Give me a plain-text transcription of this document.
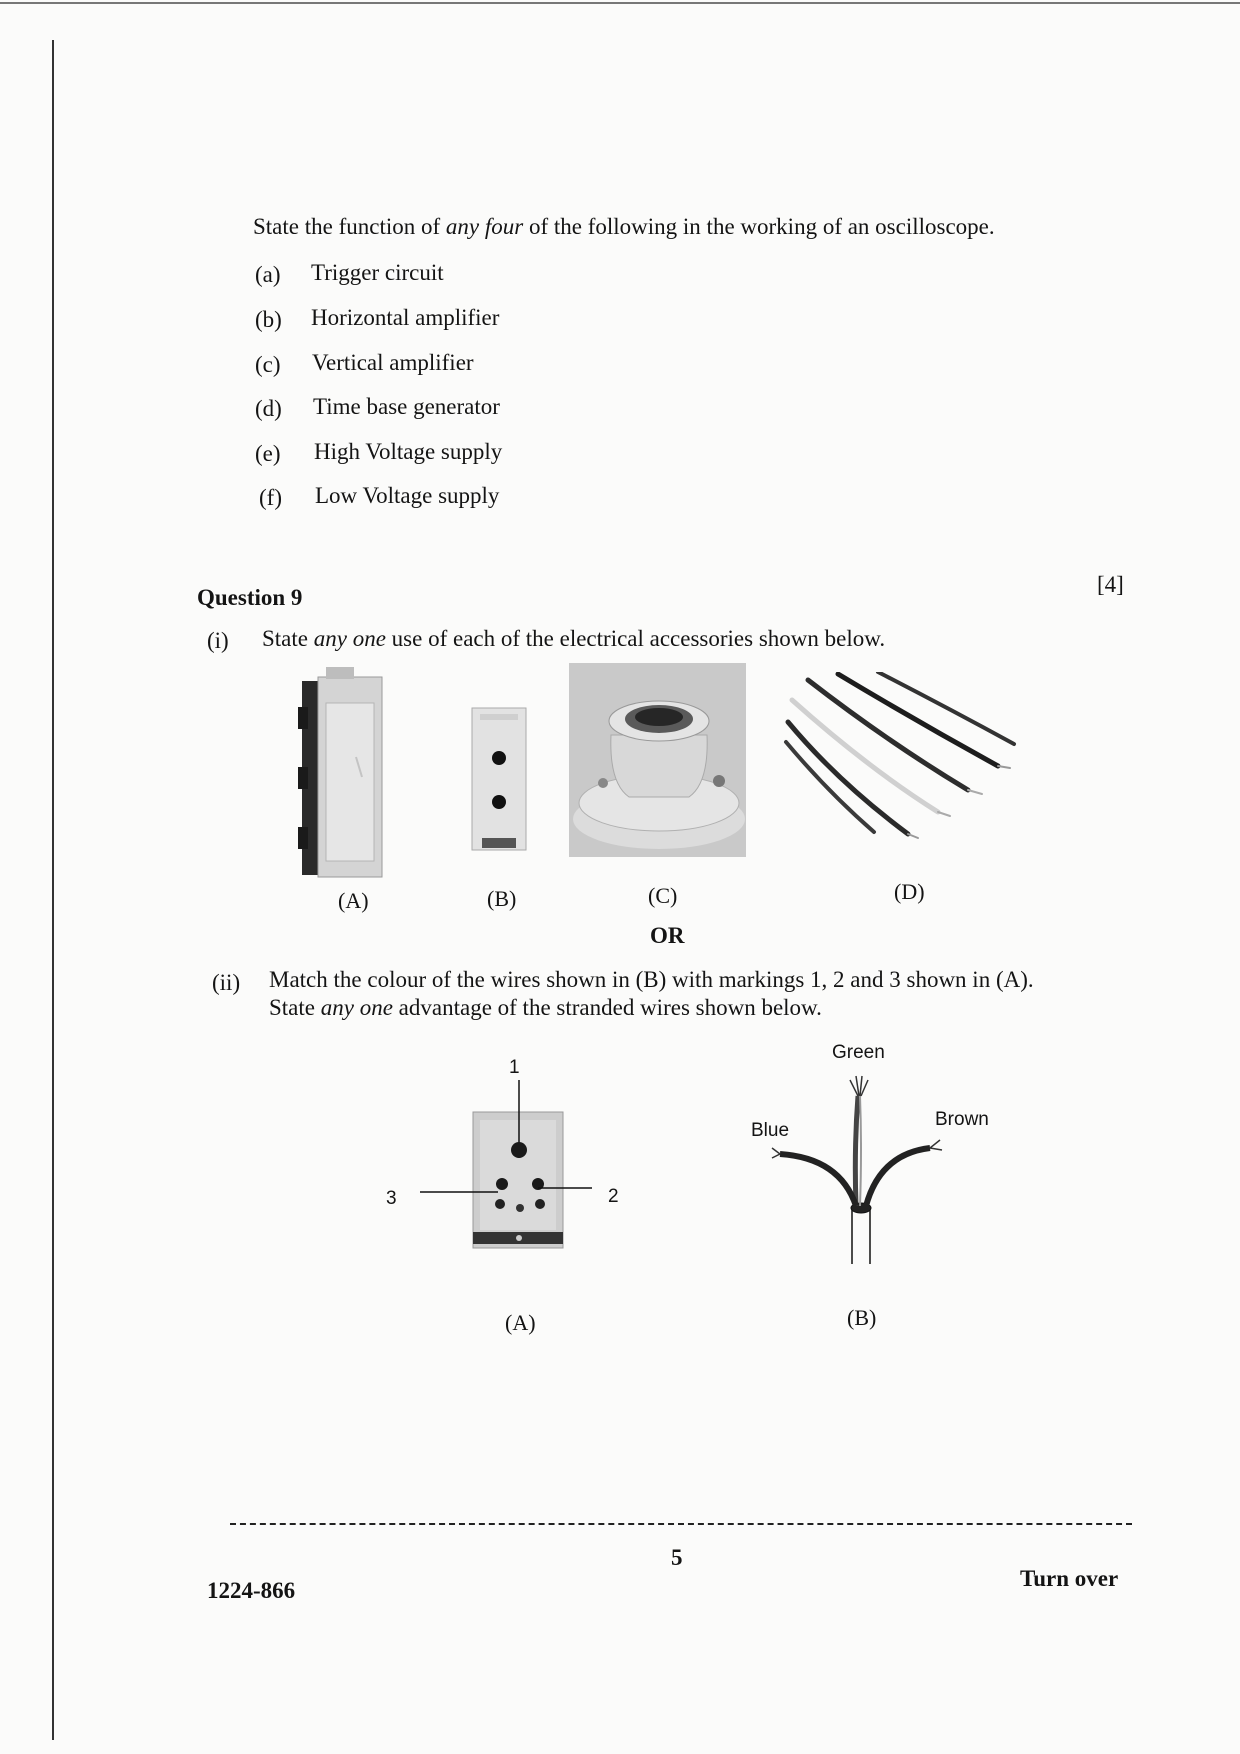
State the function of any four of the following in the working of an oscilloscope.
(a) Trigger circuit
(b) Horizontal amplifier
(c) Vertical amplifier
(d) Time base generator
(e) High Voltage supply
(f) Low Voltage supply
Question 9
[4]
(i) State any one use of each of the electrical accessories shown below.
(A)	(B)	(C)	(D)
OR
(ii) Match the colour of the wires shown in (B) with markings 1, 2 and 3 shown in (A).
State any one advantage of the stranded wires shown below.
1
2
3
Green
Blue
Brown
(A)	(B)
5
1224-866	Turn over
